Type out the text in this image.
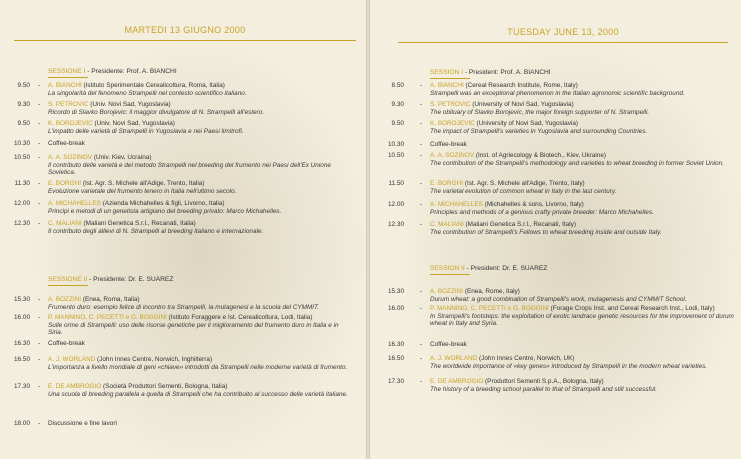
MARTEDI 13 GIUGNO 2000
SESSIONE I - Presidente: Prof. A. BIANCHI
SESSIONE II - Presidente: Dr. E. SUAREZ
9.50	A. BIANCHI (Istituto Sperimentale Cerealicoltura, Roma, Italia)
La singolarità del fenomeno Strampelli nel contesto scientifico italiano.
-
9.30	S. PETROVIC (Univ. Novi Sad, Yugoslavia)
Ricordo di Slavko Borojevic: il maggior divulgatore di N. Strampelli all'estero.
-
9.50	K. BOROJEVIC (Univ. Novi Sad, Yugoslavia)
L'impatto delle varietà di Strampelli in Yugoslavia e nei Paesi limitrofi.
-
10.30	Coffee-break
-
10.50	A. A. SOZINOV (Univ. Kiev, Ucraina)
Il contributo delle varietà e del metodo Strampelli nel breeding del frumento nei Paesi dell'Ex Unione Sovietica.
-
11.30	E. BORGHI (Ist. Agr. S. Michele all'Adige, Trento, Italia)
Evoluzione varietale del frumento tenero in Italia nell'ultimo secolo.
-
12.00	A. MICHAHELLES (Azienda Michahelles & figli, Livorno, Italia)
Principi e metodi di un genetista artigiano del breeding privato: Marco Michahelles.
-
12.30	C. MALIANI (Maliani Genetica S.r.l., Recanati, Italia)
Il contributo degli allievi di N. Strampelli al breeding italiano e internazionale.
-
15.30	A. BOZZINI (Enea, Roma, Italia)
Frumento duro: esempio felice di incontro tra Strampelli, la mutagenesi e la scuola del CYMMIT.
-
16.00	P. MANNINO, C. PECETTI e G. BOGGINI (Istituto Foraggere e Ist. Cerealicoltura, Lodi, Italia)
Sulle orme di Strampelli: uso delle risorse genetiche per il miglioramento del frumento duro in Italia e in Siria.
-
16.30	Coffee-break
-
16.50	A. J. WORLAND (John Innes Centre, Norwich, Inghilterra)
L'importanza a livello mondiale di geni «chiave» introdotti da Strampelli nelle moderne varietà di frumento.
-
17.30	E. DE AMBROGIO (Società Produttori Sementi, Bologna, Italia)
Una scuola di breeding parallela a quella di Strampelli che ha contribuito al successo delle varietà italiane.
-
18.00	Discussione e fine lavori
-
TUESDAY JUNE 13, 2000
SESSION I - President: Prof. A. BIANCHI
SESSION II - President: Dr. E. SUAREZ
8.50	A. BIANCHI (Cereal Research Institute, Rome, Italy)
Strampelli was an exceptional phenomenon in the Italian agronomic scientific background.
-
9.30	S. PETROVIC (University of Novi Sad, Yugoslavia)
The obituary of Slavko Borojevic, the major foreign supporter of N. Strampelli.
-
9.50	K. BOROJEVIC (University of Novi Sad, Yugoslavia)
The impact of Strampelli's varieties in Yugoslavia and surrounding Countries.
-
10.30	Coffee-break
-
10.50	A. A. SOZINOV (Inst. of Agriecology & Biotech., Kiev, Ukraine)
The contribution of the Strampelli's methodology and varieties to wheat breeding in former Soviet Union.
-
11.50	E. BORGHI (Ist. Agr. S. Michele all'Adige, Trento, Italy)
The varietal evolution of common wheat in Italy in the last century.
-
12.00	A. MICHAHELLES (Michahelles & sons, Livorno, Italy)
Principles and methods of a genious crafty private breeder: Marco Michahelles.
-
12.30	C. MALIANI (Maliani Genetica S.r.l., Recanati, Italy)
The contribution of Strampelli's Fellows to wheat breeding inside and outside Italy.
-
15.30	A. BOZZINI (Enea, Rome, Italy)
Durum wheat: a good combination of Strampelli's work, mutagenesis and CYMMIT School.
-
16.00	P. MANNINO, C. PECETTI e G. BOGGINI (Forage Crops Inst. and Cereal Research Inst., Lodi, Italy)
In Strampelli's footsteps: the exploitation of exotic landrace genetic resources for the improvement of durum wheat in Italy and Syria.
-
16.30	Coffee-break
-
16.50	A. J. WORLAND (John Innes Centre, Norwich, UK)
The worldwide importance of «key genes» introduced by Strampelli in the modern wheat varieties.
-
17.30	E. DE AMBROGIO (Produttori Sementi S.p.A., Bologna, Italy)
The history of a breeding school parallel to that of Strampelli and still successful.
-
